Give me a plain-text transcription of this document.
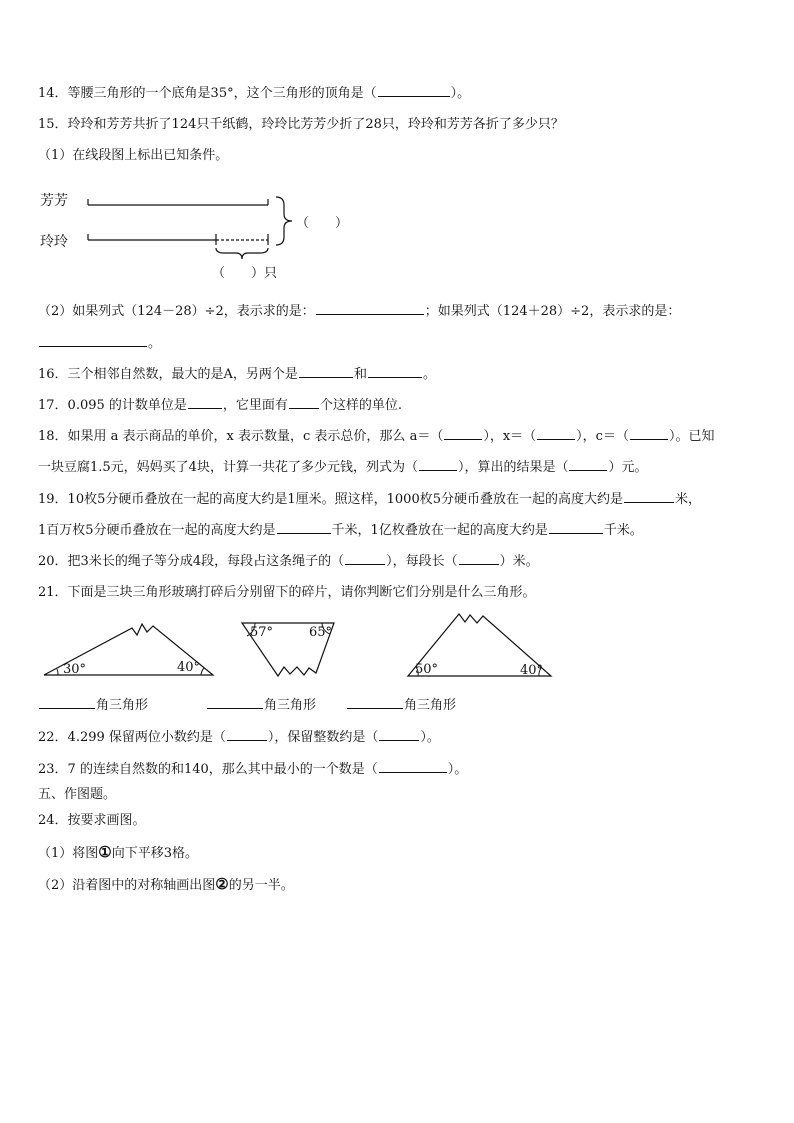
14．等腰三角形的一个底角是35°，这个三角形的顶角是（	）。
15．玲玲和芳芳共折了124只千纸鹤，玲玲比芳芳少折了28只，玲玲和芳芳各折了多少只？
（1）在线段图上标出已知条件。
芳芳
玲玲
（　　）
（　　）只
（2）如果列式（124－28）÷2，表示求的是：	；如果列式（124＋28）÷2，表示求的是：
。
16．三个相邻自然数，最大的是A，另两个是	和	。
17．0.095 的计数单位是	，它里面有 个这样的单位.
18．如果用 a 表示商品的单价，x 表示数量，c 表示总价，那么 a＝（	），x＝（	），c＝（	）。已知
一块豆腐1.5元，妈妈买了4块，计算一共花了多少元钱，列式为（	），算出的结果是（	）元。
19．10枚5分硬币叠放在一起的高度大约是1厘米。照这样，1000枚5分硬币叠放在一起的高度大约是	米，
1百万枚5分硬币叠放在一起的高度大约是	千米，1亿枚叠放在一起的高度大约是	千米。
20．把3米长的绳子等分成4段，每段占这条绳子的（	），每段长（	）米。
21．下面是三块三角形玻璃打碎后分别留下的碎片，请你判断它们分别是什么三角形。
30°	40°
57°	65°
50°	40°
角三角形	角三角形	角三角形
22．4.299 保留两位小数约是（	），保留整数约是（	）。
23．7 的连续自然数的和140，那么其中最小的一个数是（	）。
五、作图题。
24．按要求画图。
（1）将图①向下平移3格。
（2）沿着图中的对称轴画出图②的另一半。
